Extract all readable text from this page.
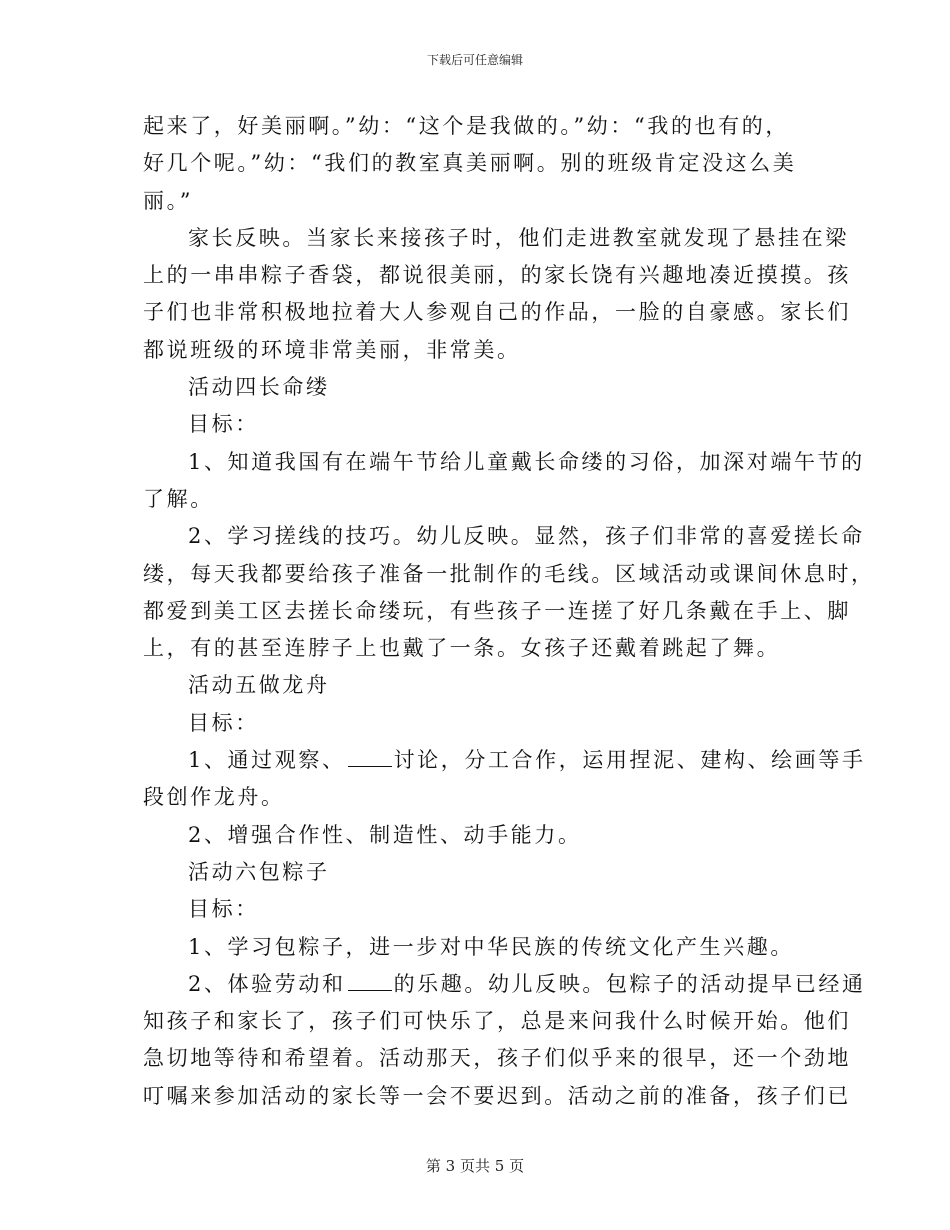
下载后可任意编辑

起来了，好美丽啊。”幼：“这个是我做的。”幼：“我的也有的，
好几个呢。”幼：“我们的教室真美丽啊。别的班级肯定没这么美
丽。”

家长反映。当家长来接孩子时，他们走进教室就发现了悬挂在梁
上的一串串粽子香袋，都说很美丽，的家长饶有兴趣地凑近摸摸。孩
子们也非常积极地拉着大人参观自己的作品，一脸的自豪感。家长们
都说班级的环境非常美丽，非常美。

活动四长命缕

目标：

1、知道我国有在端午节给儿童戴长命缕的习俗，加深对端午节的
了解。

2、学习搓线的技巧。幼儿反映。显然，孩子们非常的喜爱搓长命
缕，每天我都要给孩子准备一批制作的毛线。区域活动或课间休息时，
都爱到美工区去搓长命缕玩，有些孩子一连搓了好几条戴在手上、脚
上，有的甚至连脖子上也戴了一条。女孩子还戴着跳起了舞。

活动五做龙舟

目标：

1、通过观察、 讨论，分工合作，运用捏泥、建构、绘画等手
段创作龙舟。

2、增强合作性、制造性、动手能力。

活动六包粽子

目标：

1、学习包粽子，进一步对中华民族的传统文化产生兴趣。

2、体验劳动和 的乐趣。幼儿反映。包粽子的活动提早已经通
知孩子和家长了，孩子们可快乐了，总是来问我什么时候开始。他们
急切地等待和希望着。活动那天，孩子们似乎来的很早，还一个劲地
叮嘱来参加活动的家长等一会不要迟到。活动之前的准备，孩子们已

第 3 页共 5 页
